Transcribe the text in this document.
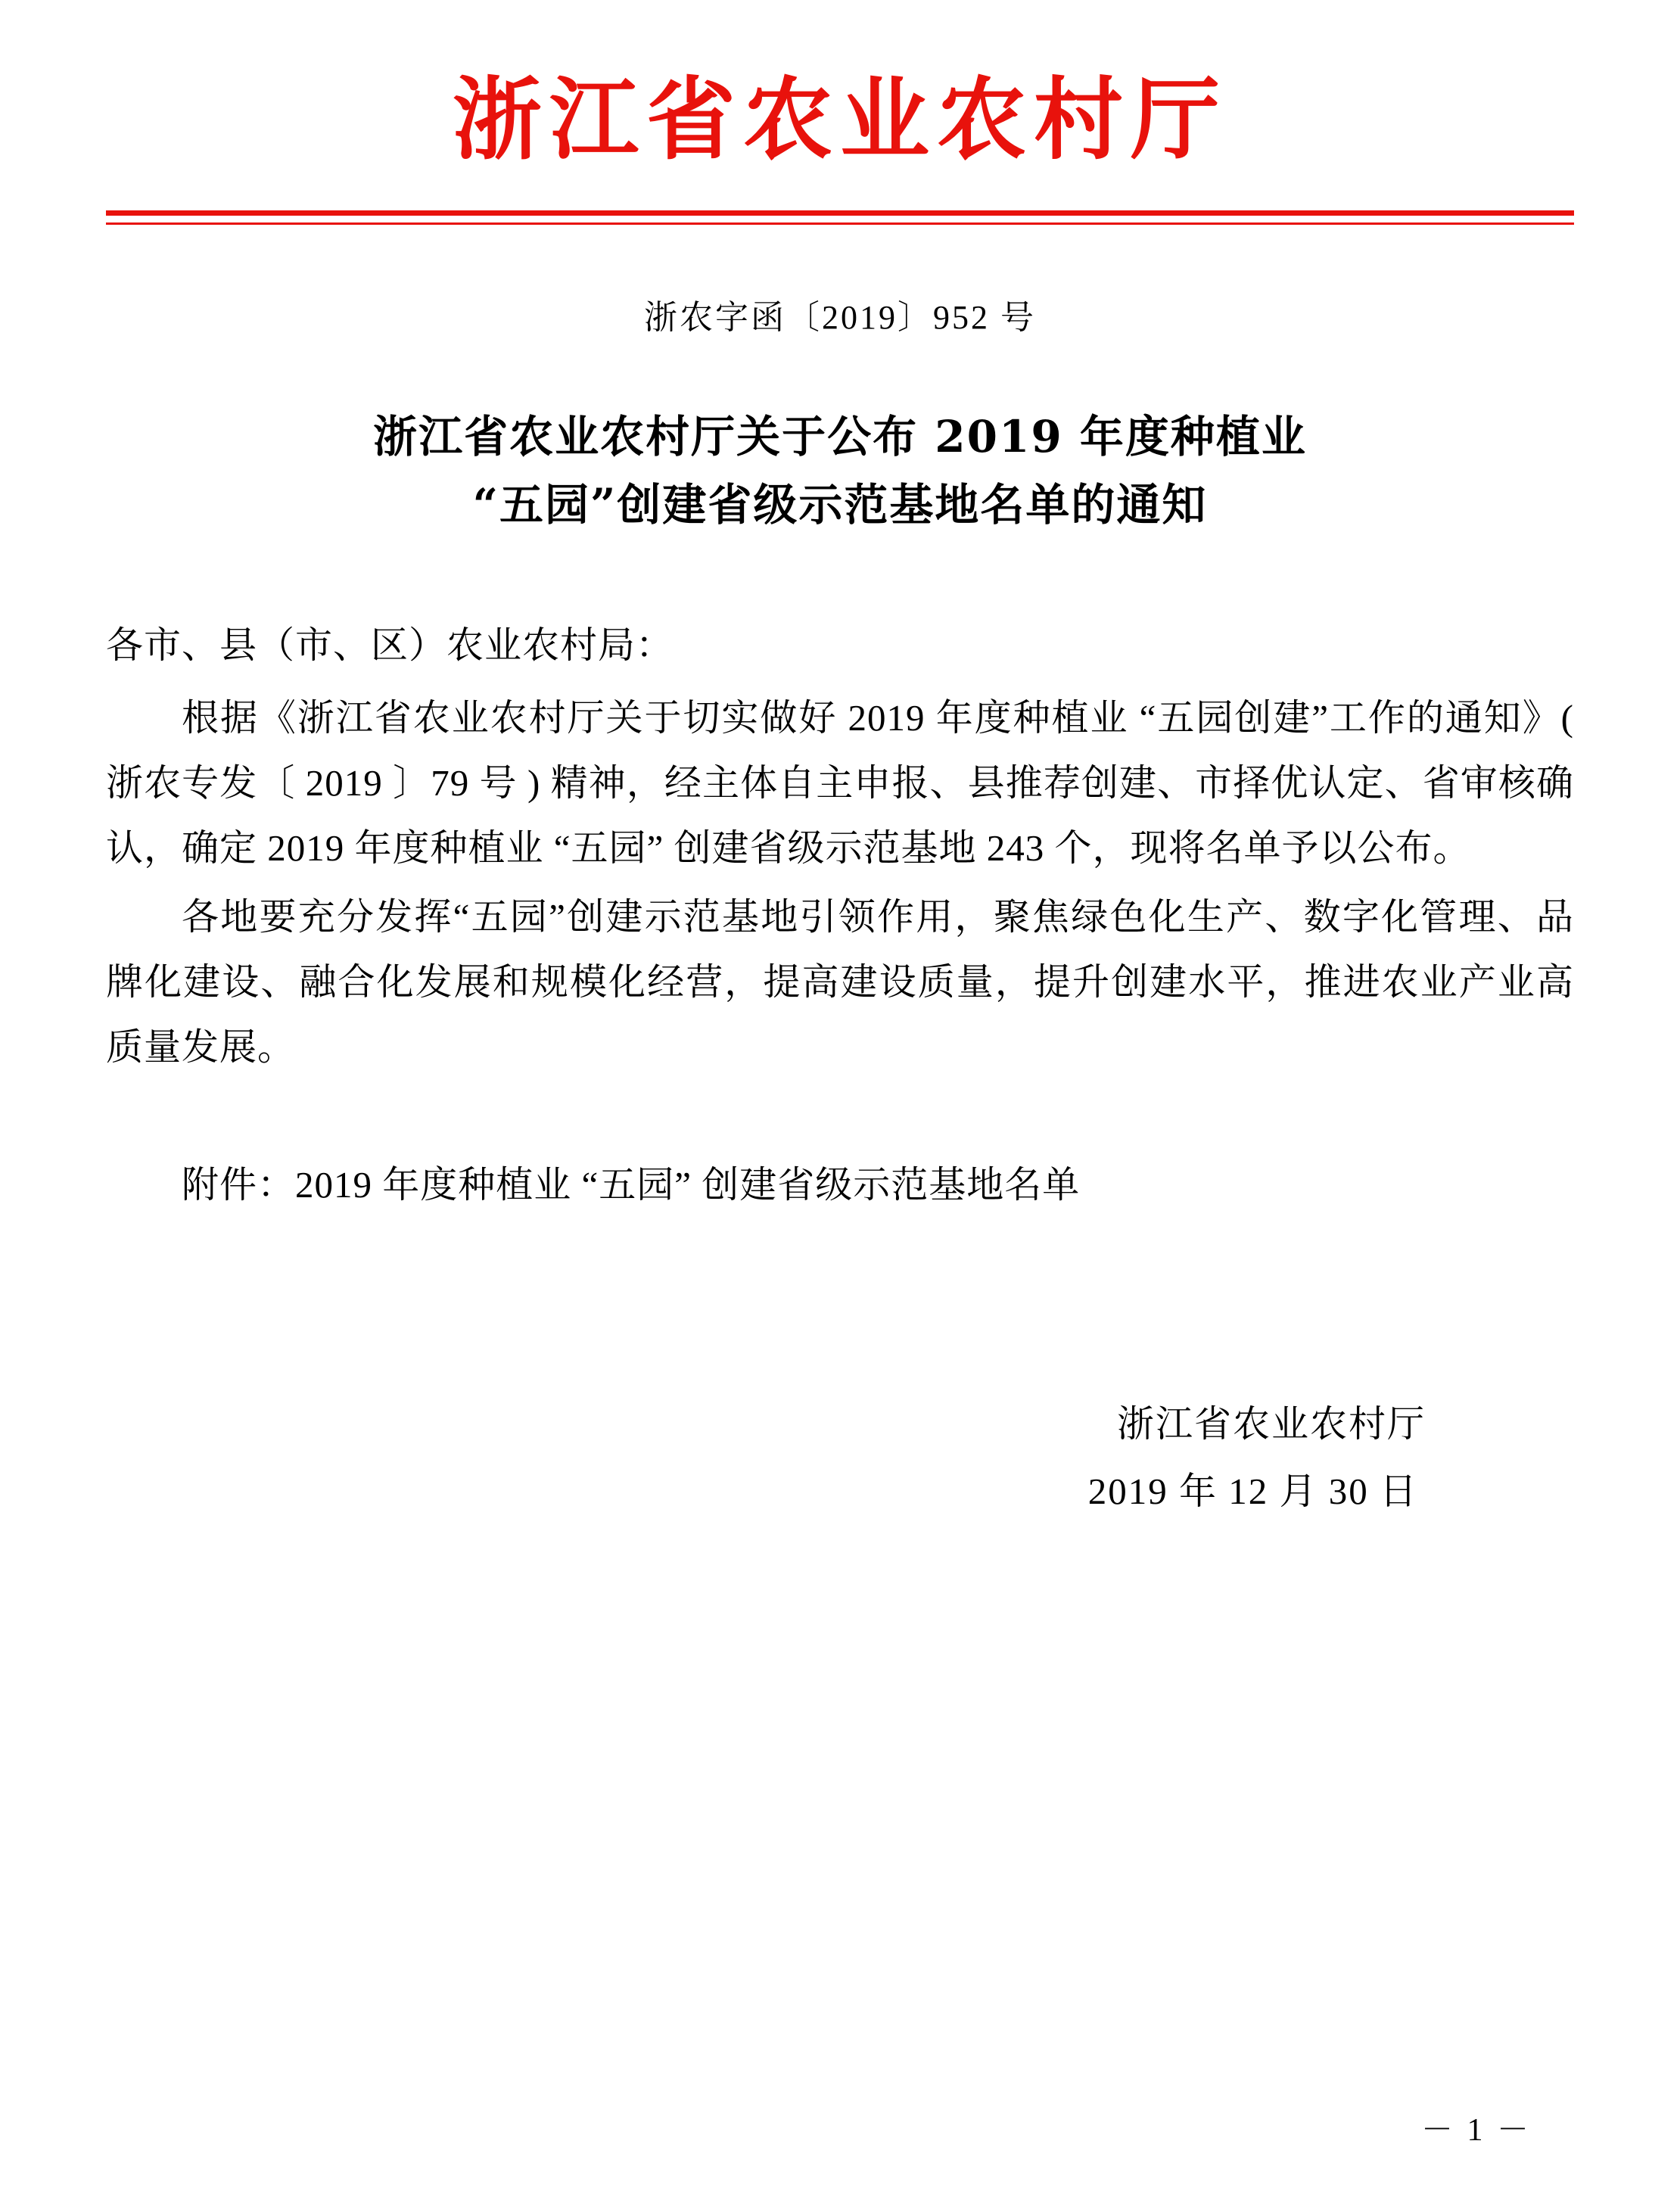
浙江省农业农村厅
浙农字函〔2019〕952 号
浙江省农业农村厅关于公布 2019 年度种植业
“五园”创建省级示范基地名单的通知
各市、县（市、区）农业农村局：

根据《浙江省农业农村厅关于切实做好 2019 年度种植业 “五园创建”工作的通知》( 浙农专发〔 2019 〕79 号 ) 精神，经主体自主申报、县推荐创建、市择优认定、省审核确认，确定 2019 年度种植业 “五园” 创建省级示范基地 243 个，现将名单予以公布。

各地要充分发挥“五园”创建示范基地引领作用，聚焦绿色化生产、数字化管理、品牌化建设、融合化发展和规模化经营，提高建设质量，提升创建水平，推进农业产业高质量发展。

附件：2019 年度种植业 “五园” 创建省级示范基地名单
浙江省农业农村厅
2019 年 12 月 30 日
－ 1 －
